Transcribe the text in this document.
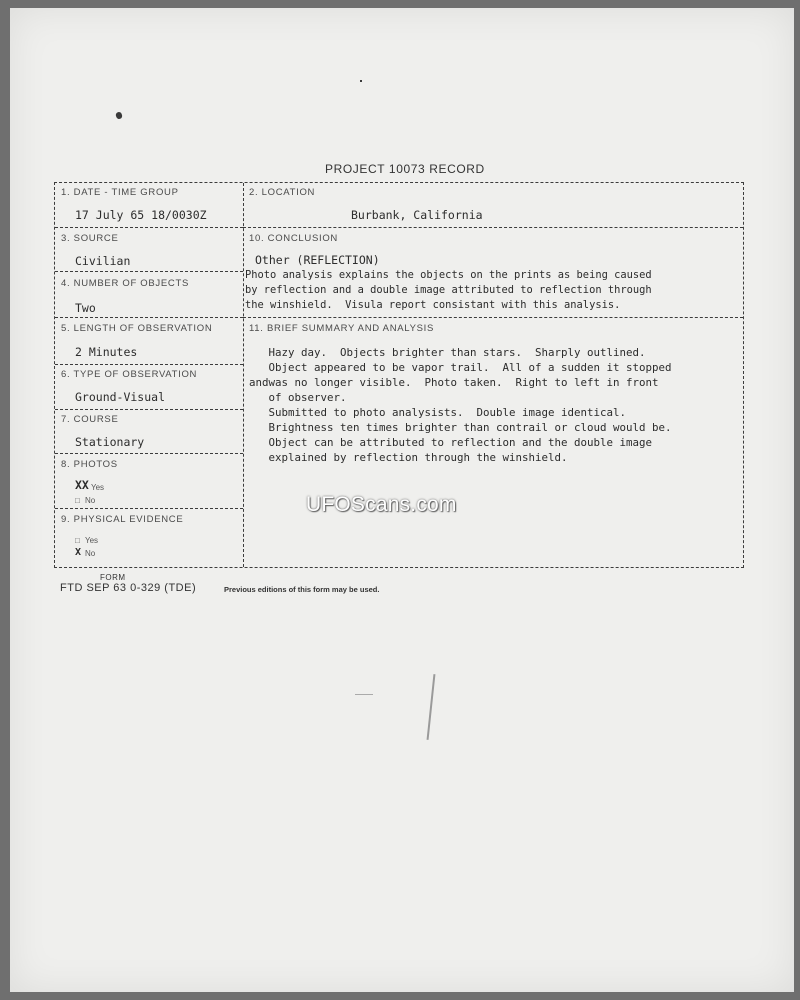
PROJECT 10073 RECORD
1. DATE - TIME GROUP
17 July 65 18/0030Z
2. LOCATION
Burbank, California
3. SOURCE
Civilian
10. CONCLUSION
Other (REFLECTION)
Photo analysis explains the objects on the prints as being caused
by reflection and a double image attributed to reflection through
the winshield.  Visula report consistant with this analysis.
4. NUMBER OF OBJECTS
Two
5. LENGTH OF OBSERVATION
2 Minutes
11. BRIEF SUMMARY AND ANALYSIS
Hazy day.  Objects brighter than stars.  Sharply outlined.
Object appeared to be vapor trail.  All of a sudden it stopped
andwas no longer visible.  Photo taken.  Right to left in front
of observer.
Submitted to photo analysists.  Double image identical.
Brightness ten times brighter than contrail or cloud would be.
Object can be attributed to reflection and the double image
explained by reflection through the winshield.
6. TYPE OF OBSERVATION
Ground-Visual
7. COURSE
Stationary
8. PHOTOS
XX Yes
□ No
9. PHYSICAL EVIDENCE
□ Yes
X No
FORM
FTD SEP 63 0-329 (TDE)	Previous editions of this form may be used.
UFOScans.com
